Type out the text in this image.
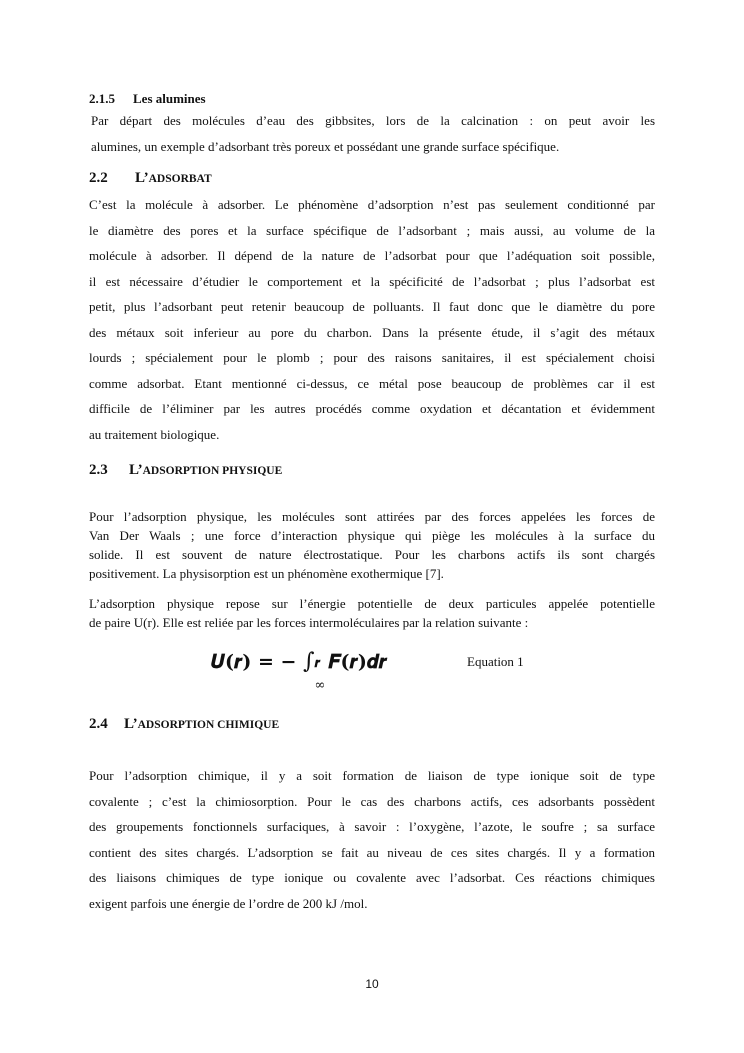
2.1.5 Les alumines
Par départ des molécules d’eau des gibbsites, lors de la calcination : on peut avoir les
alumines, un exemple d’adsorbant très poreux et possédant une grande surface spécifique.
2.2 L’ADSORBAT
C’est la molécule à adsorber. Le phénomène d’adsorption n’est pas seulement conditionné par
le diamètre des pores et la surface spécifique de l’adsorbant ; mais aussi, au volume de la
molécule à adsorber. Il dépend de la nature de l’adsorbat pour que l’adéquation soit possible,
il est nécessaire d’étudier le comportement et la spécificité de l’adsorbat ; plus l’adsorbat est
petit, plus l’adsorbant peut retenir beaucoup de polluants. Il faut donc que le diamètre du pore
des métaux soit inferieur au pore du charbon. Dans la présente étude, il s’agit des métaux
lourds ; spécialement pour le plomb ; pour des raisons sanitaires, il est spécialement choisi
comme adsorbat. Etant mentionné ci-dessus, ce métal pose beaucoup de problèmes car il est
difficile de l’éliminer par les autres procédés comme oxydation et décantation et évidemment
au traitement biologique.
2.3 L’ADSORPTION PHYSIQUE
Pour l’adsorption physique, les molécules sont attirées par des forces appelées les forces de
Van Der Waals ; une force d’interaction physique qui piège les molécules à la surface du
solide. Il est souvent de nature électrostatique. Pour les charbons actifs ils sont chargés
positivement. La physisorption est un phénomène exothermique [7].
L’adsorption physique repose sur l’énergie potentielle de deux particules appelée potentielle
de paire U(r). Elle est reliée par les forces intermoléculaires par la relation suivante :
𝑼(𝒓) = − ∫ 𝒓
∞
𝑭(𝒓)𝒅𝒓	Equation 1
2.4 L’ADSORPTION CHIMIQUE
Pour l’adsorption chimique, il y a soit formation de liaison de type ionique soit de type
covalente ; c’est la chimiosorption. Pour le cas des charbons actifs, ces adsorbants possèdent
des groupements fonctionnels surfaciques, à savoir : l’oxygène, l’azote, le soufre ; sa surface
contient des sites chargés. L’adsorption se fait au niveau de ces sites chargés. Il y a formation
des liaisons chimiques de type ionique ou covalente avec l’adsorbat. Ces réactions chimiques
exigent parfois une énergie de l’ordre de 200 kJ /mol.
10
